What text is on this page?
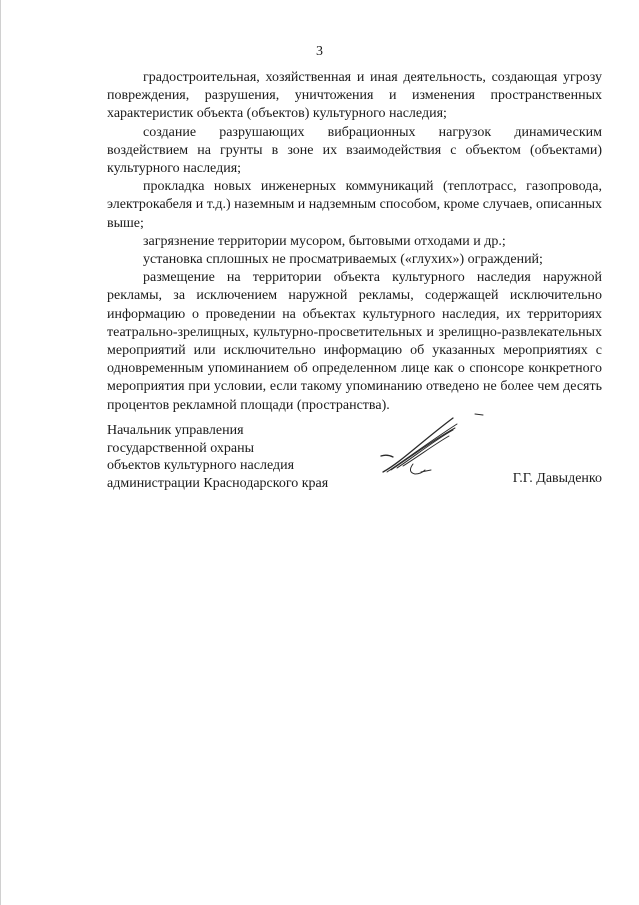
3

градостроительная, хозяйственная и иная деятельность, создающая угрозу повреждения, разрушения, уничтожения и изменения пространственных характеристик объекта (объектов) культурного наследия;

создание разрушающих вибрационных нагрузок динамическим воздействием на грунты в зоне их взаимодействия с объектом (объектами) культурного наследия;

прокладка новых инженерных коммуникаций (теплотрасс, газопровода, электрокабеля и т.д.) наземным и надземным способом, кроме случаев, описанных выше;

загрязнение территории мусором, бытовыми отходами и др.;

установка сплошных не просматриваемых («глухих») ограждений;

размещение на территории объекта культурного наследия наружной рекламы, за исключением наружной рекламы, содержащей исключительно информацию о проведении на объектах культурного наследия, их территориях театрально-зрелищных, культурно-просветительных и зрелищно-развлекательных мероприятий или исключительно информацию об указанных мероприятиях с одновременным упоминанием об определенном лице как о спонсоре конкретного мероприятия при условии, если такому упоминанию отведено не более чем десять процентов рекламной площади (пространства).

Начальник управления
государственной охраны
объектов культурного наследия
администрации Краснодарского края	Г.Г. Давыденко
